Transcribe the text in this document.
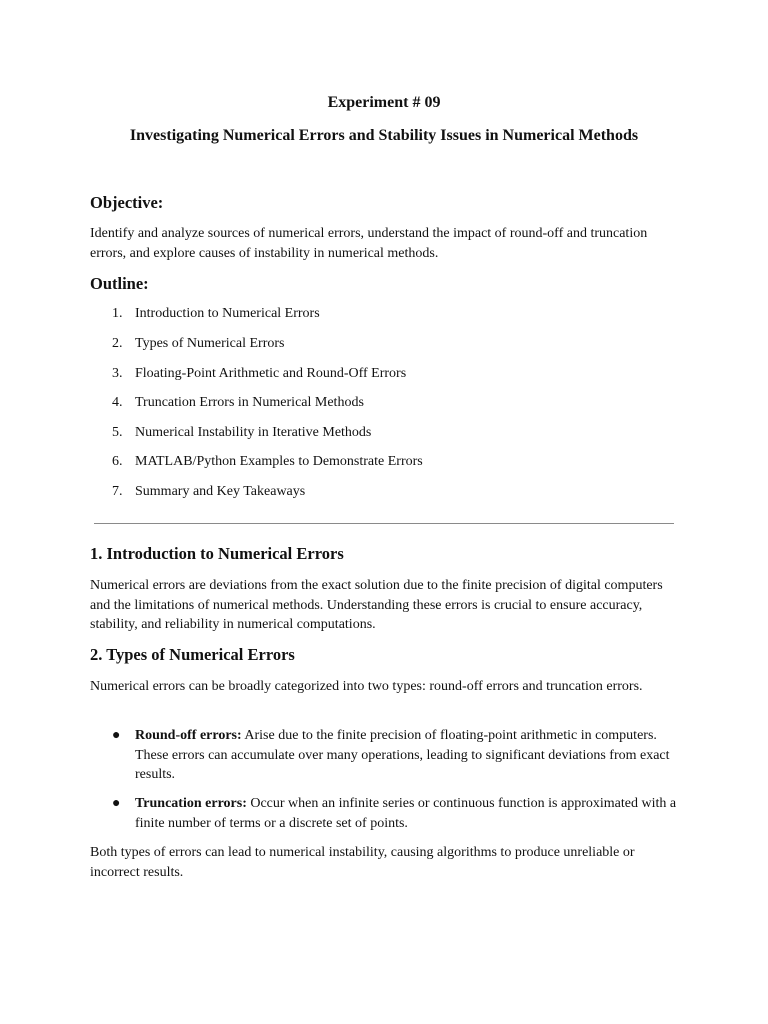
Experiment # 09
Investigating Numerical Errors and Stability Issues in Numerical Methods
Objective:
Identify and analyze sources of numerical errors, understand the impact of round-off and truncation errors, and explore causes of instability in numerical methods.
Outline:
1. Introduction to Numerical Errors
2. Types of Numerical Errors
3. Floating-Point Arithmetic and Round-Off Errors
4. Truncation Errors in Numerical Methods
5. Numerical Instability in Iterative Methods
6. MATLAB/Python Examples to Demonstrate Errors
7. Summary and Key Takeaways
1. Introduction to Numerical Errors
Numerical errors are deviations from the exact solution due to the finite precision of digital computers and the limitations of numerical methods. Understanding these errors is crucial to ensure accuracy, stability, and reliability in numerical computations.
2. Types of Numerical Errors
Numerical errors can be broadly categorized into two types: round-off errors and truncation errors.
● Round-off errors: Arise due to the finite precision of floating-point arithmetic in computers. These errors can accumulate over many operations, leading to significant deviations from exact results.
● Truncation errors: Occur when an infinite series or continuous function is approximated with a finite number of terms or a discrete set of points.
Both types of errors can lead to numerical instability, causing algorithms to produce unreliable or incorrect results.
